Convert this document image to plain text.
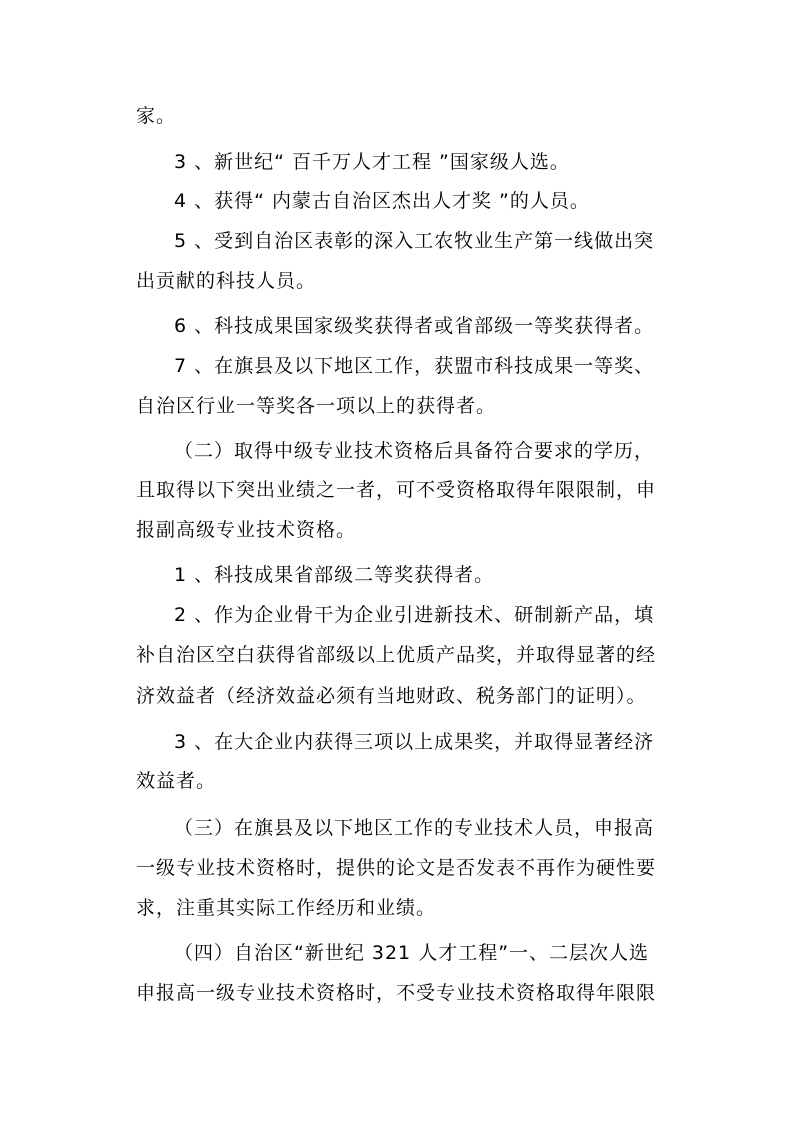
家。
3 、新世纪“ 百千万人才工程 ”国家级人选。
4 、获得“ 内蒙古自治区杰出人才奖 ”的人员。
5 、受到自治区表彰的深入工农牧业生产第一线做出突
出贡献的科技人员。
6 、科技成果国家级奖获得者或省部级一等奖获得者。
7 、在旗县及以下地区工作，获盟市科技成果一等奖、
自治区行业一等奖各一项以上的获得者。
（二）取得中级专业技术资格后具备符合要求的学历，
且取得以下突出业绩之一者，可不受资格取得年限限制，申
报副高级专业技术资格。
1 、科技成果省部级二等奖获得者。
2 、作为企业骨干为企业引进新技术、研制新产品，填
补自治区空白获得省部级以上优质产品奖，并取得显著的经
济效益者（经济效益必须有当地财政、税务部门的证明）。
3 、在大企业内获得三项以上成果奖，并取得显著经济
效益者。
（三）在旗县及以下地区工作的专业技术人员，申报高
一级专业技术资格时，提供的论文是否发表不再作为硬性要
求，注重其实际工作经历和业绩。
（四）自治区“新世纪 321 人才工程”一、二层次人选
申报高一级专业技术资格时，不受专业技术资格取得年限限
